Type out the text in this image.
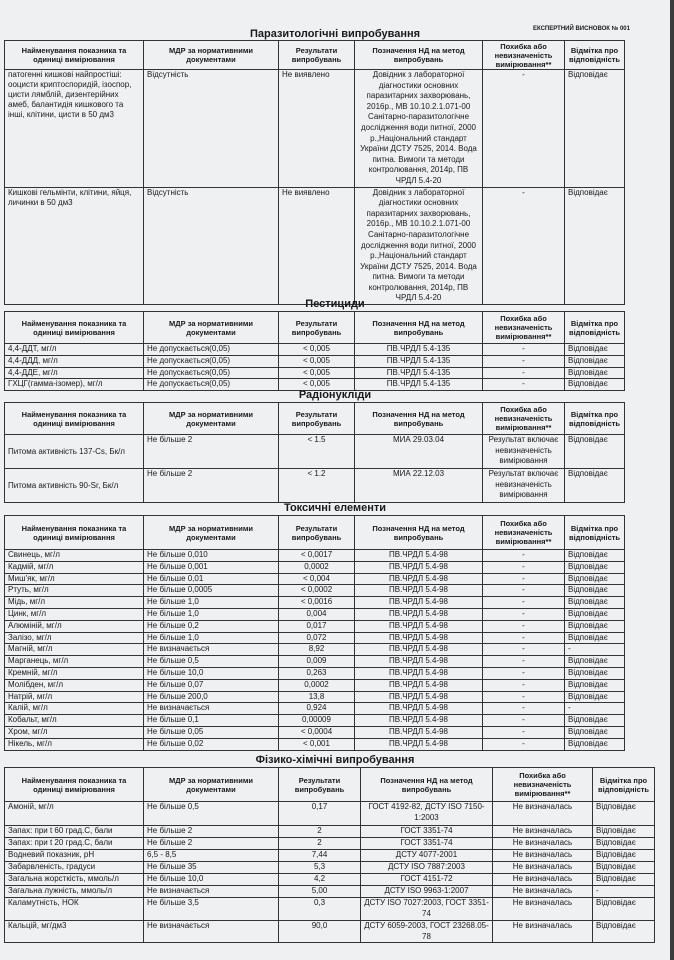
ЕКСПЕРТНИЙ ВИСНОВОК № 001
Паразитологічні випробування
Найменування показника та одиниці вимірювання	МДР за нормативними документами	Результати випробувань	Позначення НД на метод випробувань	Похибка або невизначеність вимірювання**	Відмітка про відповідність
патогенні кишкові найпростіші: ооцисти криптоспоридій, ізоспор, цисти лямблій, дизентерійних амеб, балантидія кишкового та інші, клітини, цисти в 50 дм3	Відсутність	Не виявлено	Довідник з лабораторної діагностики основних паразитарних захворювань, 2016р., МВ 10.10.2.1.071-00 Санітарно-паразитологічне дослідження води питної, 2000 р.,Національний стандарт України ДСТУ 7525, 2014. Вода питна. Вимоги та методи контролювання, 2014р, ПВ ЧРДЛ 5.4-20	-	Відповідає
Кишкові гельмінти, клітини, яйця, личинки в 50 дм3	Відсутність	Не виявлено	Довідник з лабораторної діагностики основних паразитарних захворювань, 2016р., МВ 10.10.2.1.071-00 Санітарно-паразитологічне дослідження води питної, 2000 р.,Національний стандарт України ДСТУ 7525, 2014. Вода питна. Вимоги та методи контролювання, 2014р, ПВ ЧРДЛ 5.4-20	-	Відповідає
Пестициди
Найменування показника та одиниці вимірювання	МДР за нормативними документами	Результати випробувань	Позначення НД на метод випробувань	Похибка або невизначеність вимірювання**	Відмітка про відповідність
4,4-ДДТ, мг/л	Не допускається(0,05)	< 0,005	ПВ.ЧРДЛ 5.4-135	-	Відповідає
4,4-ДДД, мг/л	Не допускається(0,05)	< 0,005	ПВ.ЧРДЛ 5.4-135	-	Відповідає
4,4-ДДЕ, мг/л	Не допускається(0,05)	< 0,005	ПВ.ЧРДЛ 5.4-135	-	Відповідає
ГХЦГ(гамма-ізомер), мг/л	Не допускається(0,05)	< 0,005	ПВ.ЧРДЛ 5.4-135	-	Відповідає
Радіонукліди
Найменування показника та одиниці вимірювання	МДР за нормативними документами	Результати випробувань	Позначення НД на метод випробувань	Похибка або невизначеність вимірювання**	Відмітка про відповідність
Питома активність 137-Cs, Бк/л	Не більше 2	< 1.5	МИА 29.03.04	Результат включає невизначеність вимірювання	Відповідає
Питома активність 90-Sr, Бк/л	Не більше 2	< 1.2	МИА 22.12.03	Результат включає невизначеність вимірювання	Відповідає
Токсичні елементи
Найменування показника та одиниці вимірювання	МДР за нормативними документами	Результати випробувань	Позначення НД на метод випробувань	Похибка або невизначеність вимірювання**	Відмітка про відповідність
Свинець, мг/л	Не більше 0,010	< 0,0017	ПВ.ЧРДЛ 5.4-98	-	Відповідає
Кадмій, мг/л	Не більше 0,001	0,0002	ПВ.ЧРДЛ 5.4-98	-	Відповідає
Миш'як, мг/л	Не більше 0,01	< 0,004	ПВ.ЧРДЛ 5.4-98	-	Відповідає
Ртуть, мг/л	Не більше 0,0005	< 0,0002	ПВ.ЧРДЛ 5.4-98	-	Відповідає
Мідь, мг/л	Не більше 1,0	< 0,0016	ПВ.ЧРДЛ 5.4-98	-	Відповідає
Цинк, мг/л	Не більше 1,0	0,004	ПВ.ЧРДЛ 5.4-98	-	Відповідає
Алюміній, мг/л	Не більше 0,2	0,017	ПВ.ЧРДЛ 5.4-98	-	Відповідає
Залізо, мг/л	Не більше 1,0	0,072	ПВ.ЧРДЛ 5.4-98	-	Відповідає
Магній, мг/л	Не визначається	8,92	ПВ.ЧРДЛ 5.4-98	-	-
Марганець, мг/л	Не більше 0,5	0,009	ПВ.ЧРДЛ 5.4-98	-	Відповідає
Кремній, мг/л	Не більше 10,0	0,263	ПВ.ЧРДЛ 5.4-98	-	Відповідає
Молібден, мг/л	Не більше 0,07	0,0002	ПВ.ЧРДЛ 5.4-98	-	Відповідає
Натрій, мг/л	Не більше 200,0	13,8	ПВ.ЧРДЛ 5.4-98	-	Відповідає
Калій, мг/л	Не визначається	0,924	ПВ.ЧРДЛ 5.4-98	-	-
Кобальт, мг/л	Не більше 0,1	0,00009	ПВ.ЧРДЛ 5.4-98	-	Відповідає
Хром, мг/л	Не більше 0,05	< 0,0004	ПВ.ЧРДЛ 5.4-98	-	Відповідає
Нікель, мг/л	Не більше 0,02	< 0,001	ПВ.ЧРДЛ 5.4-98	-	Відповідає
Фізико-хімічні випробування
Найменування показника та одиниці вимірювання	МДР за нормативними документами	Результати випробувань	Позначення НД на метод випробувань	Похибка або невизначеність вимірювання**	Відмітка про відповідність
Амоній, мг/л	Не більше 0,5	0,17	ГОСТ 4192-82, ДСТУ ISO 7150-1:2003	Не визначалась	Відповідає
Запах: при t 60 град.С, бали	Не більше 2	2	ГОСТ 3351-74	Не визначалась	Відповідає
Запах: при t 20 град.С, бали	Не більше 2	2	ГОСТ 3351-74	Не визначалась	Відповідає
Водневий показник, pH	6,5 - 8,5	7,44	ДСТУ 4077-2001	Не визначалась	Відповідає
Забарвленість, градуси	Не більше 35	5,3	ДСТУ ISO 7887:2003	Не визначалась	Відповідає
Загальна жорсткість, ммоль/л	Не більше 10,0	4,2	ГОСТ 4151-72	Не визначалась	Відповідає
Загальна лужність, ммоль/л	Не визначається	5,00	ДСТУ ISO 9963-1:2007	Не визначалась	-
Каламутність, НОК	Не більше 3,5	0,3	ДСТУ ISO 7027:2003, ГОСТ 3351-74	Не визначалась	Відповідає
Кальцій, мг/дм3	Не визначається	90,0	ДСТУ 6059-2003, ГОСТ 23268.05-78	Не визначалась	Відповідає
